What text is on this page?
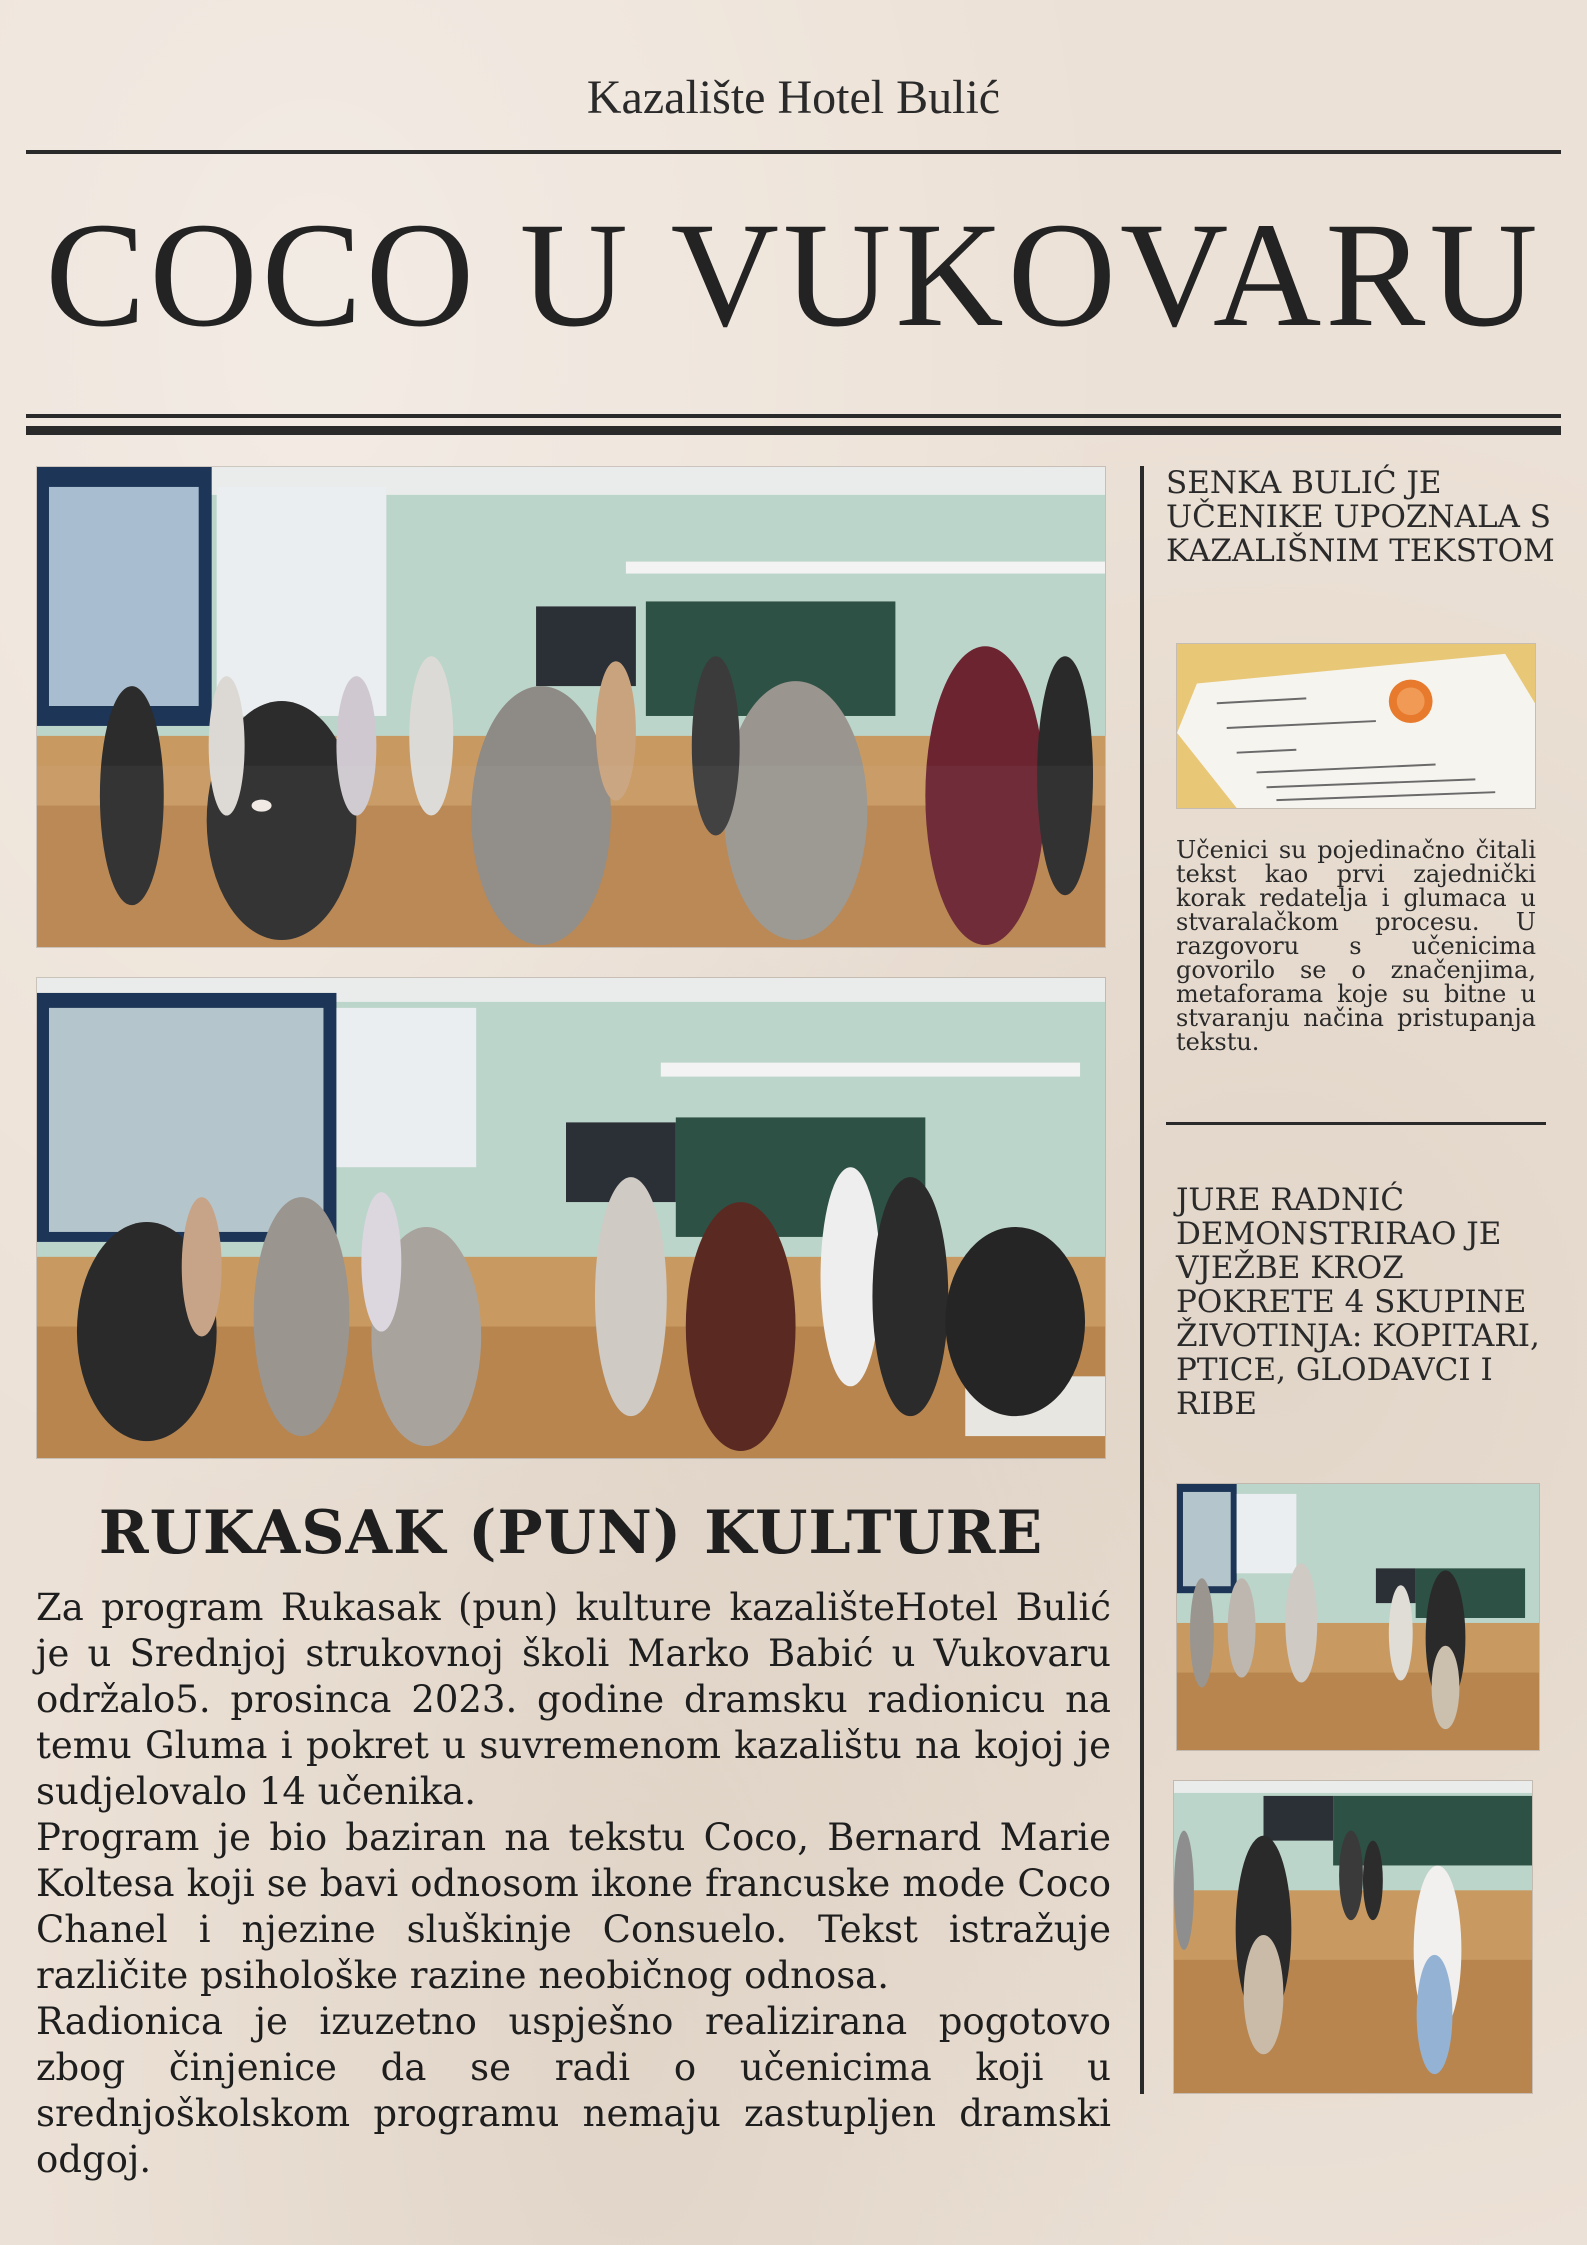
Kazalište Hotel Bulić
COCO U VUKOVARU
RUKASAK (PUN) KULTURE

Za program Rukasak (pun) kulture kazalištеHotel Bulić je u Srednjoj strukovnoj školi Marko Babić u Vukovaru održalo5. prosinca 2023. godine dramsku radionicu na temu Gluma i pokret u suvremenom kazalištu na kojoj je sudjelovalo 14 učenika.

Program je bio baziran na tekstu Coco, Bernard Marie Koltesa koji se bavi odnosom ikone francuske mode Coco Chanel i njezine sluškinje Consuelo. Tekst istražuje različite psihološke razine neobičnog odnosa.

Radionica je izuzetno uspješno realizirana pogotovo zbog činjenice da se radi o učenicima koji u srednjoškolskom programu nemaju zastupljen dramski odgoj.

SENKA BULIĆ JE UČENIKE UPOZNALA S KAZALIŠNIM TEKSTOM
Učenici su pojedinačno čitali tekst kao prvi zajednički korak redatelja i glumaca u stvaralačkom procesu. U razgovoru s učenicima govorilo se o značenjima, metaforama koje su bitne u stvaranju načina pristupanja tekstu.
JURE RADNIĆ DEMONSTRIRAO JE VJEŽBE KROZ POKRETE 4 SKUPINE ŽIVOTINJA: KOPITARI, PTICE, GLODAVCI I RIBE
